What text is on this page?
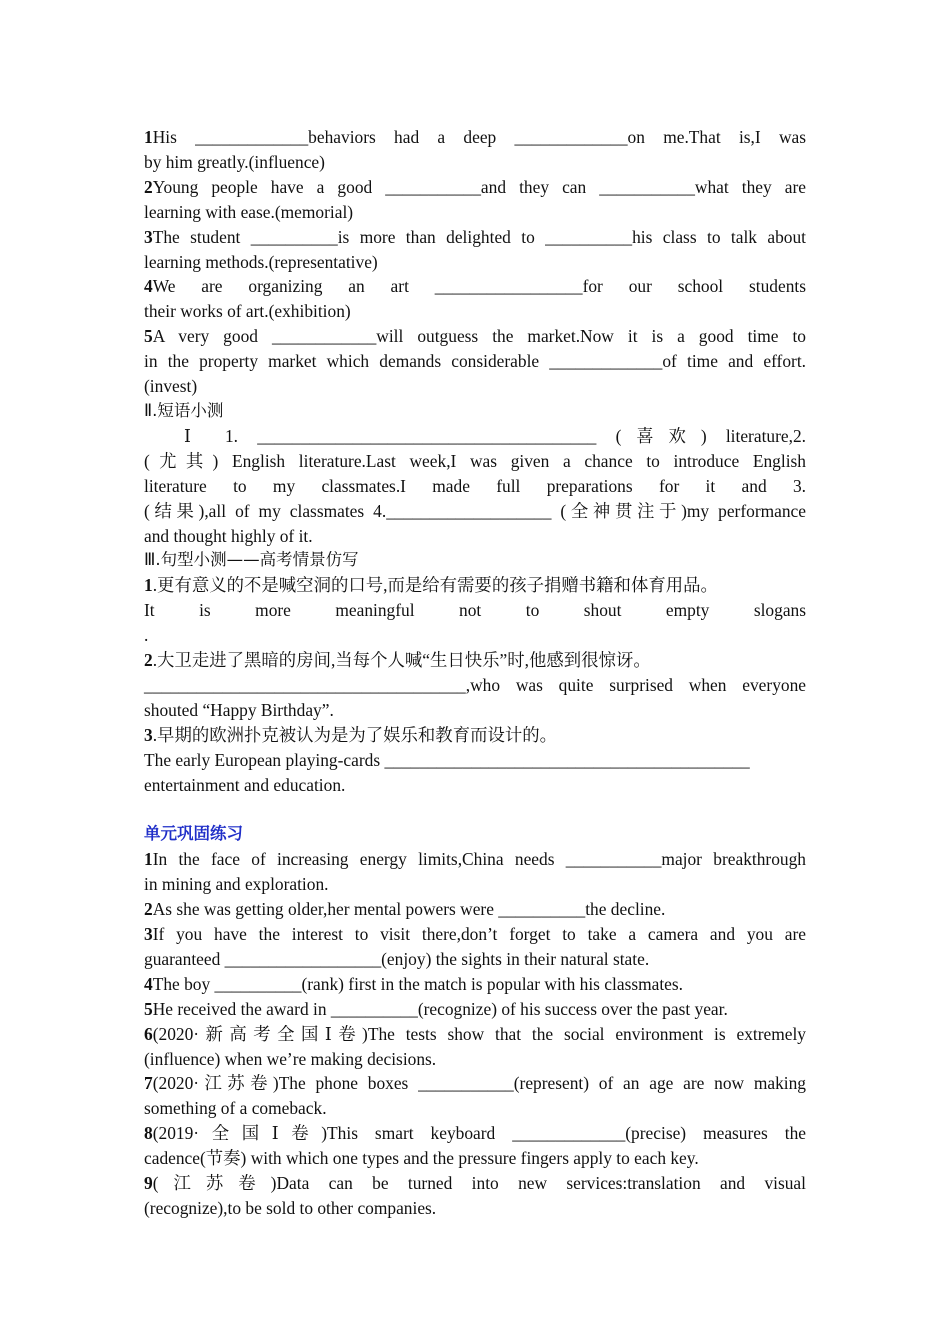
1His _____________behaviors had a deep _____________on me.That is,I was
by him greatly.(influence)
2Young people have a good ___________and they can ___________what they are
learning with ease.(memorial)
3The student __________is more than delighted to __________his class to talk about
learning methods.(representative)
4We are organizing an art _________________for our school students
their works of art.(exhibition)
5A very good ____________will outguess the market.Now it is a good time to
in the property market which demands considerable _____________of time and effort.
(invest)
Ⅱ.短语小测
Ⅰ 1. _______________________________________ (喜欢) literature,2.
(尤其) English literature.Last week,I was given a chance to introduce English
literature to my classmates.I made full preparations for it and 3.
(结果),all of my classmates 4.___________________ (全神贯注于)my performance
and thought highly of it.
Ⅲ.句型小测——高考情景仿写
1.更有意义的不是喊空洞的口号,而是给有需要的孩子捐赠书籍和体育用品。
It is more meaningful not to shout empty slogans
.
2.大卫走进了黑暗的房间,当每个人喊“生日快乐”时,他感到很惊讶。
_____________________________________,who was quite surprised when everyone
shouted “Happy Birthday”.
3.早期的欧洲扑克被认为是为了娱乐和教育而设计的。
The early European playing-cards __________________________________________
entertainment and education.
单元巩固练习
1In the face of increasing energy limits,China needs ___________major breakthrough
in mining and exploration.
2As she was getting older,her mental powers were __________the decline.
3If you have the interest to visit there,don’t forget to take a camera and you are
guaranteed __________________(enjoy) the sights in their natural state.
4The boy __________(rank) first in the match is popular with his classmates.
5He received the award in __________(recognize) of his success over the past year.
6(2020·新高考全国Ⅰ卷)The tests show that the social environment is extremely
(influence) when we’re making decisions.
7(2020·江苏卷)The phone boxes ___________(represent) of an age are now making
something of a comeback.
8(2019·全国Ⅰ卷)This smart keyboard _____________(precise) measures the
cadence(节奏) with which one types and the pressure fingers apply to each key.
9(江苏卷)Data can be turned into new services:translation and visual
(recognize),to be sold to other companies.
